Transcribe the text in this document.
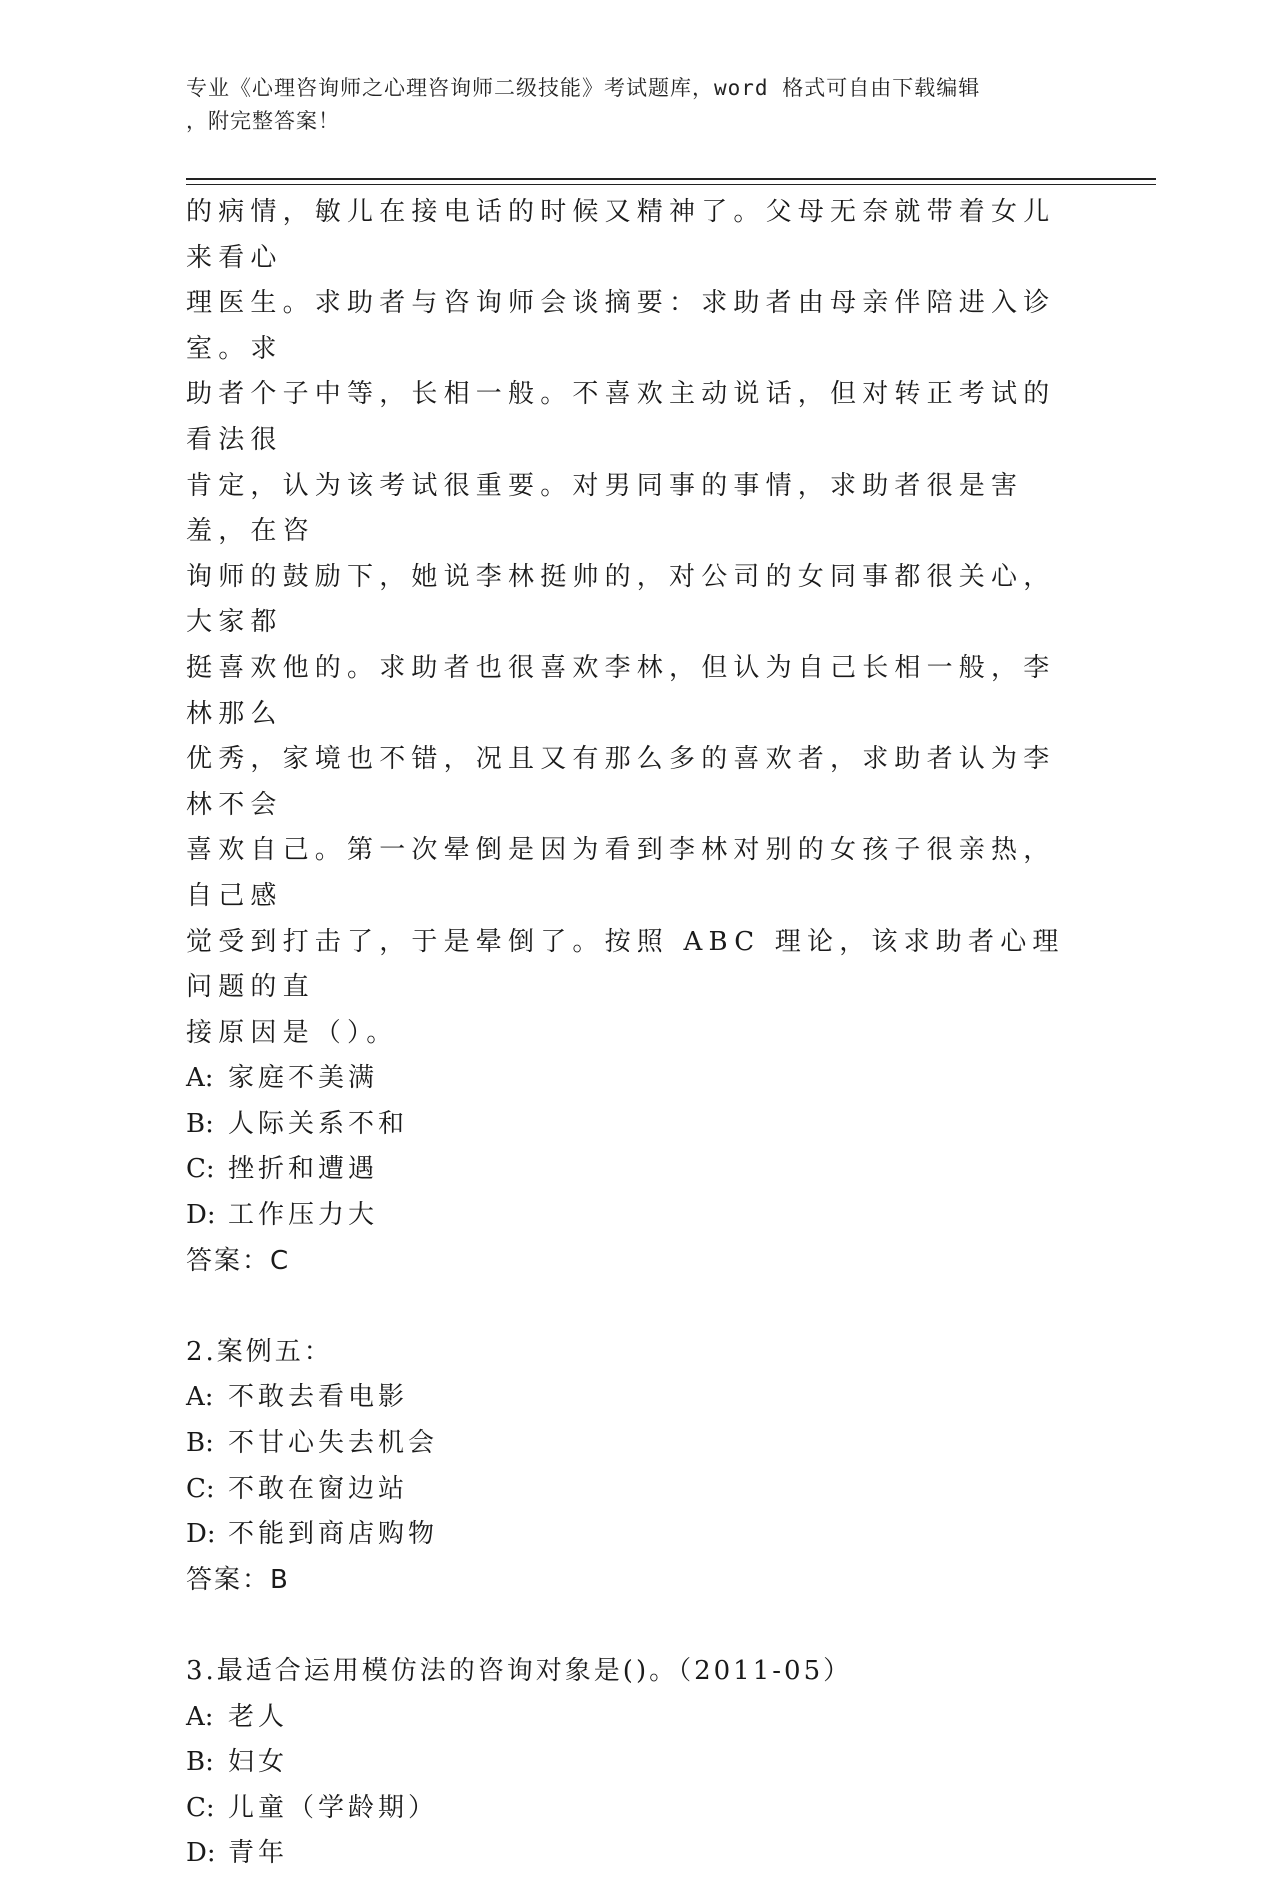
专业《心理咨询师之心理咨询师二级技能》考试题库，word 格式可自由下载编辑
，附完整答案！

的病情，敏儿在接电话的时候又精神了。父母无奈就带着女儿来看心

理医生。求助者与咨询师会谈摘要：求助者由母亲伴陪进入诊室。求

助者个子中等，长相一般。不喜欢主动说话，但对转正考试的看法很

肯定，认为该考试很重要。对男同事的事情，求助者很是害羞，在咨

询师的鼓励下，她说李林挺帅的，对公司的女同事都很关心，大家都

挺喜欢他的。求助者也很喜欢李林，但认为自己长相一般，李林那么

优秀，家境也不错，况且又有那么多的喜欢者，求助者认为李林不会

喜欢自己。第一次晕倒是因为看到李林对别的女孩子很亲热，自己感

觉受到打击了，于是晕倒了。按照 ABC 理论，该求助者心理问题的直

接原因是（）。

A: 家庭不美满

B: 人际关系不和

C: 挫折和遭遇

D: 工作压力大

答案：C

2.案例五：

A: 不敢去看电影

B: 不甘心失去机会

C: 不敢在窗边站

D: 不能到商店购物

答案：B

3.最适合运用模仿法的咨询对象是()。（2011-05）

A: 老人

B: 妇女

C: 儿童（学龄期）

D: 青年
